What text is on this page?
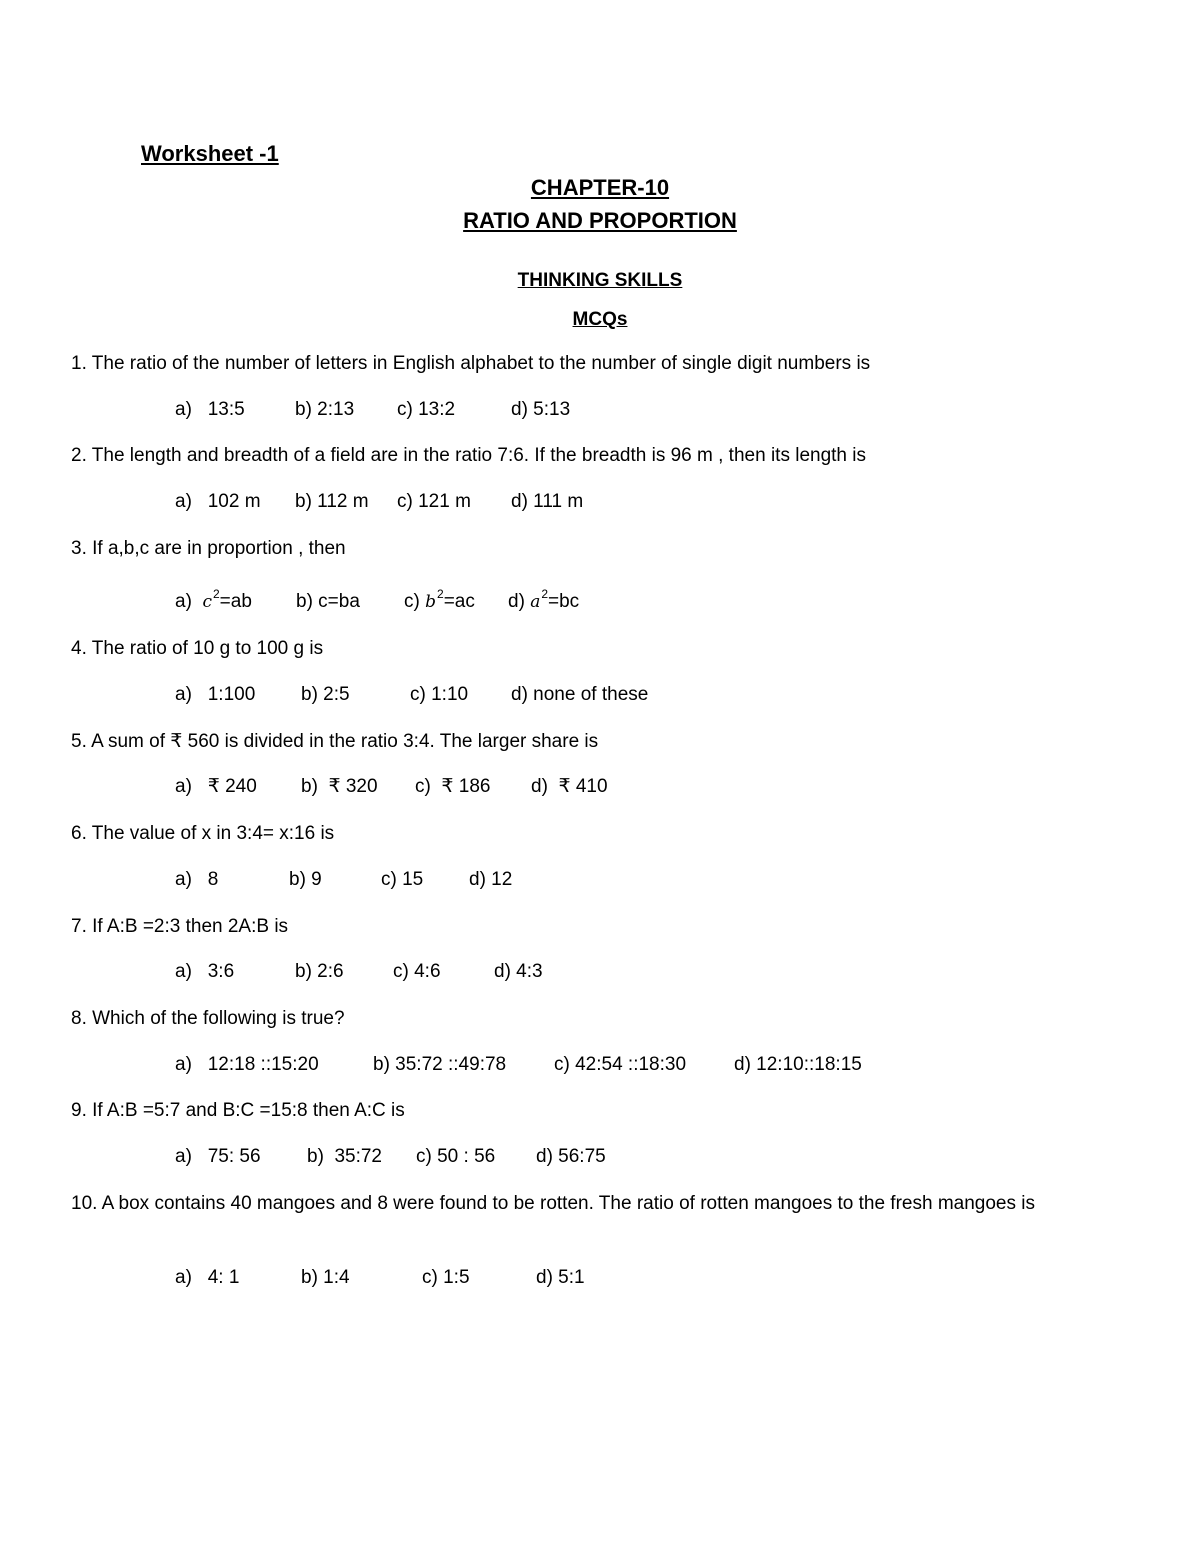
Worksheet -1
CHAPTER-10
RATIO AND PROPORTION
THINKING SKILLS
MCQs
1. The ratio of the number of letters in English alphabet to the number of single digit numbers is
a)   13:5	b) 2:13 c) 13:2	d) 5:13
2. The length and breadth of a field are in the ratio 7:6. If the breadth is 96 m , then its length is
a)   102 m b) 112 m c) 121 m d) 111 m
3. If a,b,c are in proportion , then
a)  $c^2=ab$ b) c=ba c) $b^2=ac$ d) $a^2=bc$
4. The ratio of 10 g to 100 g is
a)   1:100 b) 2:5	c) 1:10 d) none of these
5. A sum of ₹ 560 is divided in the ratio 3:4. The larger share is
a)   ₹ 240 b)  ₹ 320 c)  ₹ 186 d)  ₹ 410
6. The value of x in 3:4= x:16 is
a)   8	b) 9	c) 15 d) 12
7. If A:B =2:3 then 2A:B is
a)   3:6	b) 2:6	c) 4:6	d) 4:3
8. Which of the following is true?
a)   12:18 ::15:20	b) 35:72 ::49:78	c) 42:54 ::18:30	d) 12:10::18:15
9. If A:B =5:7 and B:C =15:8 then A:C is
a)   75: 56 b)  35:72 c) 50 : 56 d) 56:75
10. A box contains 40 mangoes and 8 were found to be rotten. The ratio of rotten mangoes to the fresh mangoes is
a)   4: 1	b) 1:4	c) 1:5	d) 5:1
